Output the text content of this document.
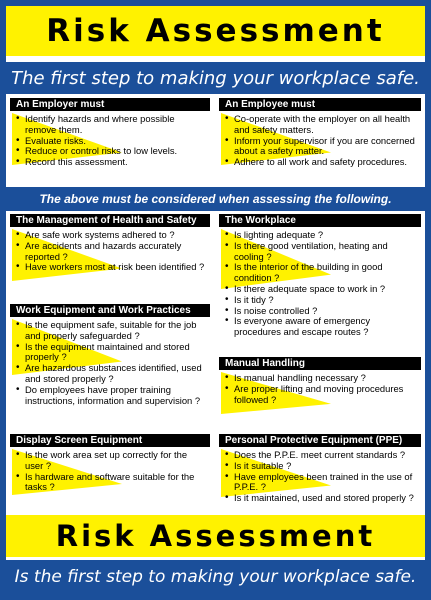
Risk Assessment
The first step to making your workplace safe.
An Employer must
• Identify hazards and where possible remove them.
• Evaluate risks.
• Reduce or control risks to low levels.
• Record this assessment.
An Employee must
• Co-operate with the employer on all health and safety matters.
• Inform your supervisor if you are concerned about a safety matter.
• Adhere to all work and safety procedures.
The above must be considered when assessing the following.
The Management of Health and Safety
• Are safe work systems adhered to ?
• Are accidents and hazards accurately reported ?
• Have workers most at risk been identified ?
The Workplace
• Is lighting adequate ?
• Is there good ventilation, heating and cooling ?
• Is the interior of the building in good condition ?
• Is there adequate space to work in ?
• Is it tidy ?
• Is noise controlled ?
• Is everyone aware of emergency procedures and escape routes ?
Work Equipment and Work Practices
• Is the equipment safe, suitable for the job and properly safeguarded ?
• Is the equipment maintained and stored properly ?
• Are hazardous substances identified, used and stored properly ?
• Do employees have proper training instructions, information and supervision ?
Manual Handling
• Is manual handling necessary ?
• Are proper lifting and moving procedures followed ?
Display Screen Equipment
• Is the work area set up correctly for the user ?
• Is hardware and software suitable for the tasks ?
Personal Protective Equipment (PPE)
• Does the P.P.E. meet current standards ?
• Is it suitable ?
• Have employees been trained in the use of P.P.E. ?
• Is it maintained, used and stored properly ?
Risk Assessment
Is the first step to making your workplace safe.
